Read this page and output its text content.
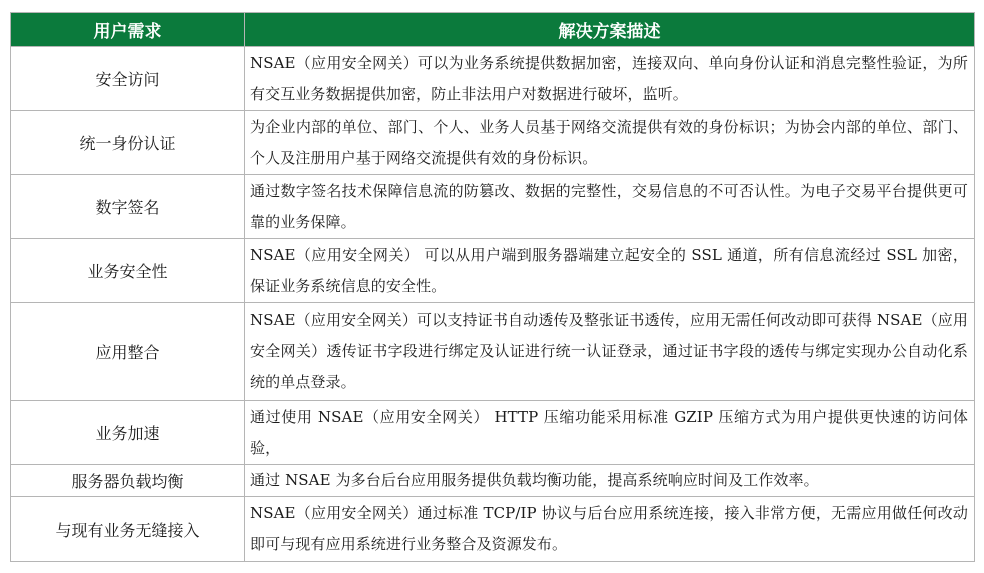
用户需求	解决方案描述
安全访问	NSAE（应用安全网关）可以为业务系统提供数据加密，连接双向、单向身份认证和消息完整性验证，为所有交互业务数据提供加密，防止非法用户对数据进行破坏，监听。
统一身份认证	为企业内部的单位、部门、个人、业务人员基于网络交流提供有效的身份标识；为协会内部的单位、部门、个人及注册用户基于网络交流提供有效的身份标识。
数字签名	通过数字签名技术保障信息流的防篡改、数据的完整性，交易信息的不可否认性。为电子交易平台提供更可靠的业务保障。
业务安全性	NSAE（应用安全网关） 可以从用户端到服务器端建立起安全的 SSL 通道，所有信息流经过 SSL 加密，保证业务系统信息的安全性。
应用整合	NSAE（应用安全网关）可以支持证书自动透传及整张证书透传，应用无需任何改动即可获得 NSAE（应用安全网关）透传证书字段进行绑定及认证进行统一认证登录，通过证书字段的透传与绑定实现办公自动化系统的单点登录。
业务加速	通过使用 NSAE（应用安全网关） HTTP 压缩功能采用标准 GZIP 压缩方式为用户提供更快速的访问体验，
服务器负载均衡	通过 NSAE 为多台后台应用服务提供负载均衡功能，提高系统响应时间及工作效率。
与现有业务无缝接入	NSAE（应用安全网关）通过标准 TCP/IP 协议与后台应用系统连接，接入非常方便，无需应用做任何改动即可与现有应用系统进行业务整合及资源发布。
